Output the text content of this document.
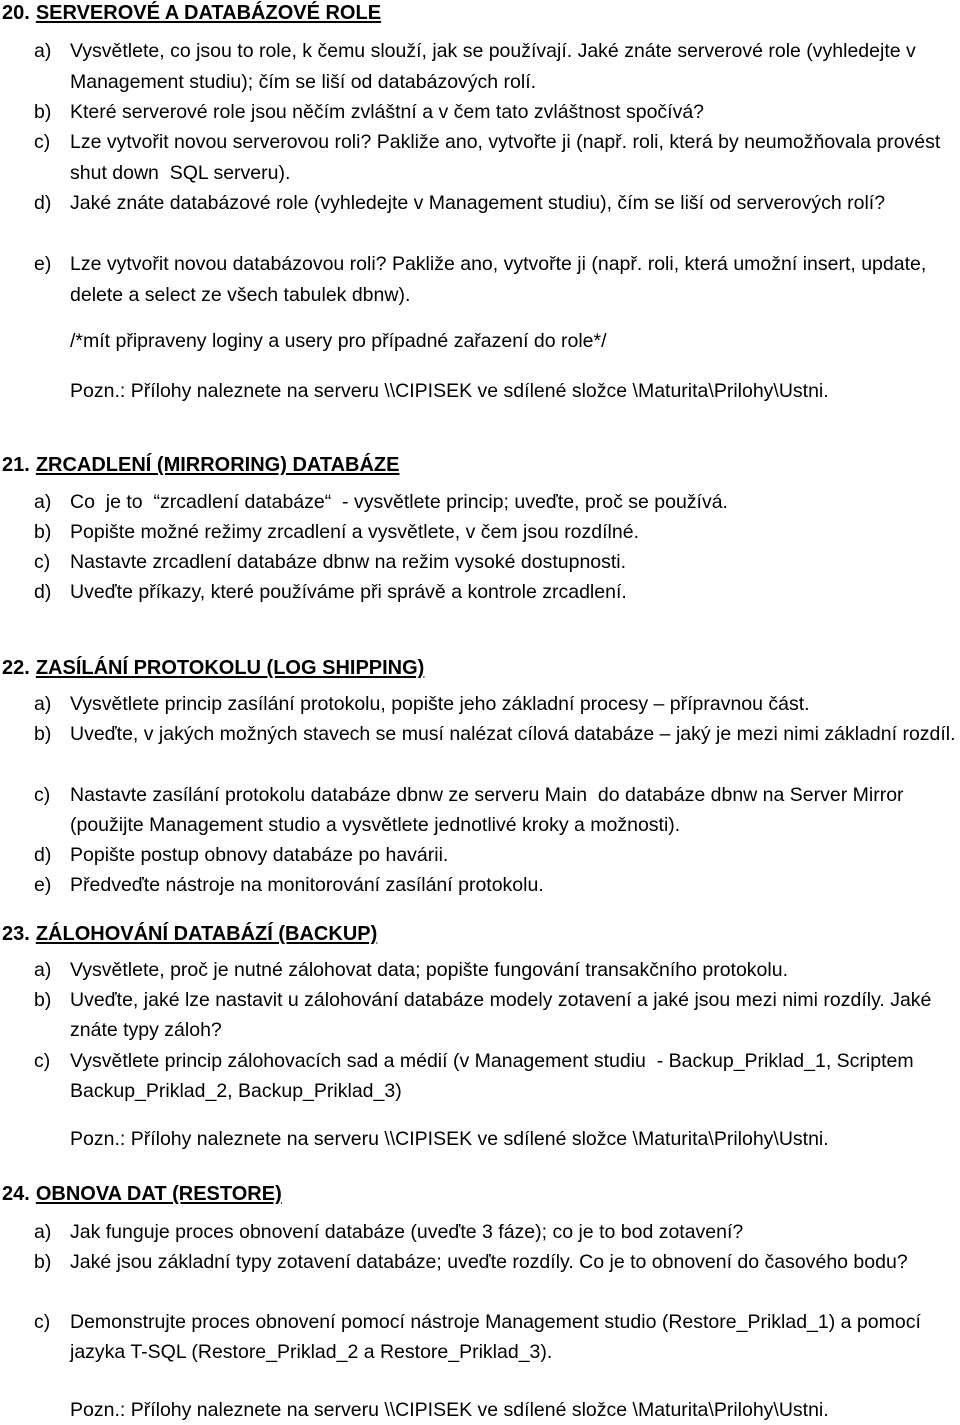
20. SERVEROVÉ A DATABÁZOVÉ ROLE
a) Vysvětlete, co jsou to role, k čemu slouží, jak se používají. Jaké znáte serverové role (vyhledejte v Management studiu); čím se liší od databázových rolí.
b) Které serverové role jsou něčím zvláštní a v čem tato zvláštnost spočívá?
c) Lze vytvořit novou serverovou roli? Pakliže ano, vytvořte ji (např. roli, která by neumožňovala provést shut down  SQL serveru).
d) Jaké znáte databázové role (vyhledejte v Management studiu), čím se liší od serverových rolí?
e) Lze vytvořit novou databázovou roli? Pakliže ano, vytvořte ji (např. roli, která umožní insert, update, delete a select ze všech tabulek dbnw).
/*mít připraveny loginy a usery pro případné zařazení do role*/
Pozn.: Přílohy naleznete na serveru \\CIPISEK ve sdílené složce \Maturita\Prilohy\Ustni.
21. ZRCADLENÍ (MIRRORING) DATABÁZE
a) Co  je to  “zrcadlení databáze“  - vysvětlete princip; uveďte, proč se používá.
b) Popište možné režimy zrcadlení a vysvětlete, v čem jsou rozdílné.
c) Nastavte zrcadlení databáze dbnw na režim vysoké dostupnosti.
d) Uveďte příkazy, které používáme při správě a kontrole zrcadlení.
22. ZASÍLÁNÍ PROTOKOLU (LOG SHIPPING)
a) Vysvětlete princip zasílání protokolu, popište jeho základní procesy – přípravnou část.
b) Uveďte, v jakých možných stavech se musí nalézat cílová databáze – jaký je mezi nimi základní rozdíl.
c) Nastavte zasílání protokolu databáze dbnw ze serveru Main  do databáze dbnw na Server Mirror  (použijte Management studio a vysvětlete jednotlivé kroky a možnosti).
d) Popište postup obnovy databáze po havárii.
e) Předveďte nástroje na monitorování zasílání protokolu.
23. ZÁLOHOVÁNÍ DATABÁZÍ (BACKUP)
a) Vysvětlete, proč je nutné zálohovat data; popište fungování transakčního protokolu.
b) Uveďte, jaké lze nastavit u zálohování databáze modely zotavení a jaké jsou mezi nimi rozdíly. Jaké znáte typy záloh?
c) Vysvětlete princip zálohovacích sad a médií (v Management studiu  - Backup_Priklad_1, Scriptem Backup_Priklad_2, Backup_Priklad_3)
Pozn.: Přílohy naleznete na serveru \\CIPISEK ve sdílené složce \Maturita\Prilohy\Ustni.
24. OBNOVA DAT (RESTORE)
a) Jak funguje proces obnovení databáze (uveďte 3 fáze); co je to bod zotavení?
b) Jaké jsou základní typy zotavení databáze; uveďte rozdíly. Co je to obnovení do časového bodu?
c) Demonstrujte proces obnovení pomocí nástroje Management studio (Restore_Priklad_1) a pomocí jazyka T-SQL (Restore_Priklad_2 a Restore_Priklad_3).
Pozn.: Přílohy naleznete na serveru \\CIPISEK ve sdílené složce \Maturita\Prilohy\Ustni.
